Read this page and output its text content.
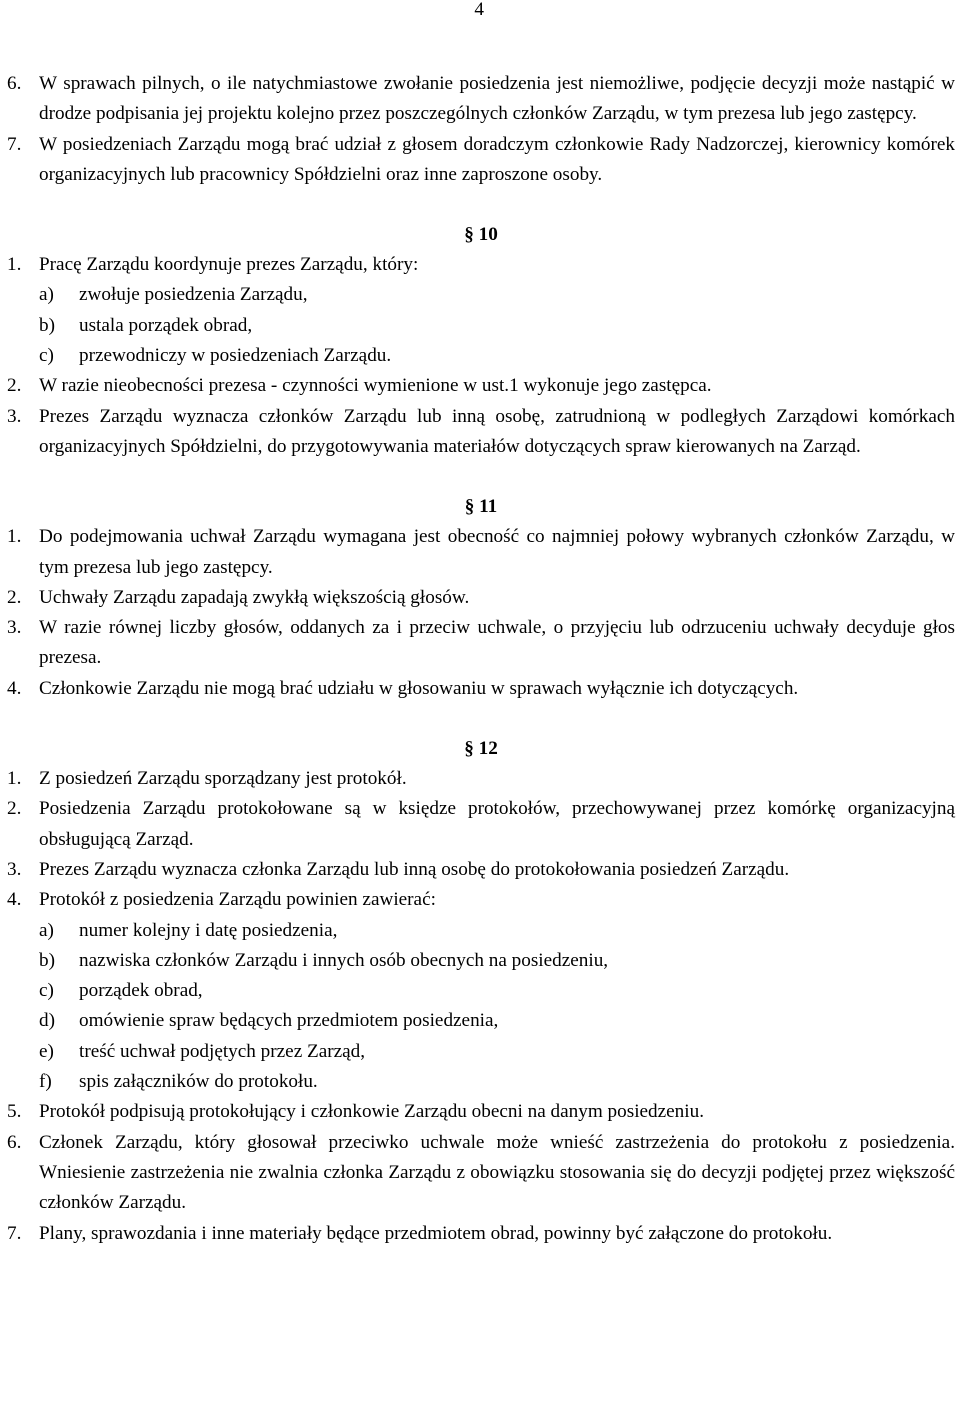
4
6. W sprawach pilnych, o ile natychmiastowe zwołanie posiedzenia jest niemożliwe, podjęcie decyzji może nastąpić w drodze podpisania jej projektu kolejno przez poszczególnych członków Zarządu, w tym prezesa lub jego zastępcy.
7. W posiedzeniach Zarządu mogą brać udział z głosem doradczym członkowie Rady Nadzorczej, kierownicy komórek organizacyjnych lub pracownicy Spółdzielni oraz inne zaproszone osoby.
§ 10
1. Pracę Zarządu koordynuje prezes Zarządu, który:
a) zwołuje posiedzenia Zarządu,
b) ustala porządek obrad,
c) przewodniczy w posiedzeniach Zarządu.
2. W razie nieobecności prezesa - czynności wymienione w ust.1 wykonuje jego zastępca.
3. Prezes Zarządu wyznacza członków Zarządu lub inną osobę, zatrudnioną w podległych Zarządowi komórkach organizacyjnych Spółdzielni, do przygotowywania materiałów dotyczących spraw kierowanych na Zarząd.
§ 11
1. Do podejmowania uchwał Zarządu wymagana jest obecność co najmniej połowy wybranych członków Zarządu, w tym prezesa lub jego zastępcy.
2. Uchwały Zarządu zapadają zwykłą większością głosów.
3. W razie równej liczby głosów, oddanych za i przeciw uchwale, o przyjęciu lub odrzuceniu uchwały decyduje głos prezesa.
4. Członkowie Zarządu nie mogą brać udziału w głosowaniu w sprawach wyłącznie ich dotyczących.
§ 12
1. Z posiedzeń Zarządu sporządzany jest protokół.
2. Posiedzenia Zarządu protokołowane są w księdze protokołów, przechowywanej przez komórkę organizacyjną obsługującą Zarząd.
3. Prezes Zarządu wyznacza członka Zarządu lub inną osobę do protokołowania posiedzeń Zarządu.
4. Protokół z posiedzenia Zarządu powinien zawierać:
a) numer kolejny i datę posiedzenia,
b) nazwiska członków Zarządu i innych osób obecnych na posiedzeniu,
c) porządek obrad,
d) omówienie spraw będących przedmiotem posiedzenia,
e) treść uchwał podjętych przez Zarząd,
f) spis załączników do protokołu.
5. Protokół podpisują protokołujący i członkowie Zarządu obecni na danym posiedzeniu.
6. Członek Zarządu, który głosował przeciwko uchwale może wnieść zastrzeżenia do protokołu z posiedzenia. Wniesienie zastrzeżenia nie zwalnia członka Zarządu z obowiązku stosowania się do decyzji podjętej przez większość członków Zarządu.
7. Plany, sprawozdania i inne materiały będące przedmiotem obrad, powinny być załączone do protokołu.
